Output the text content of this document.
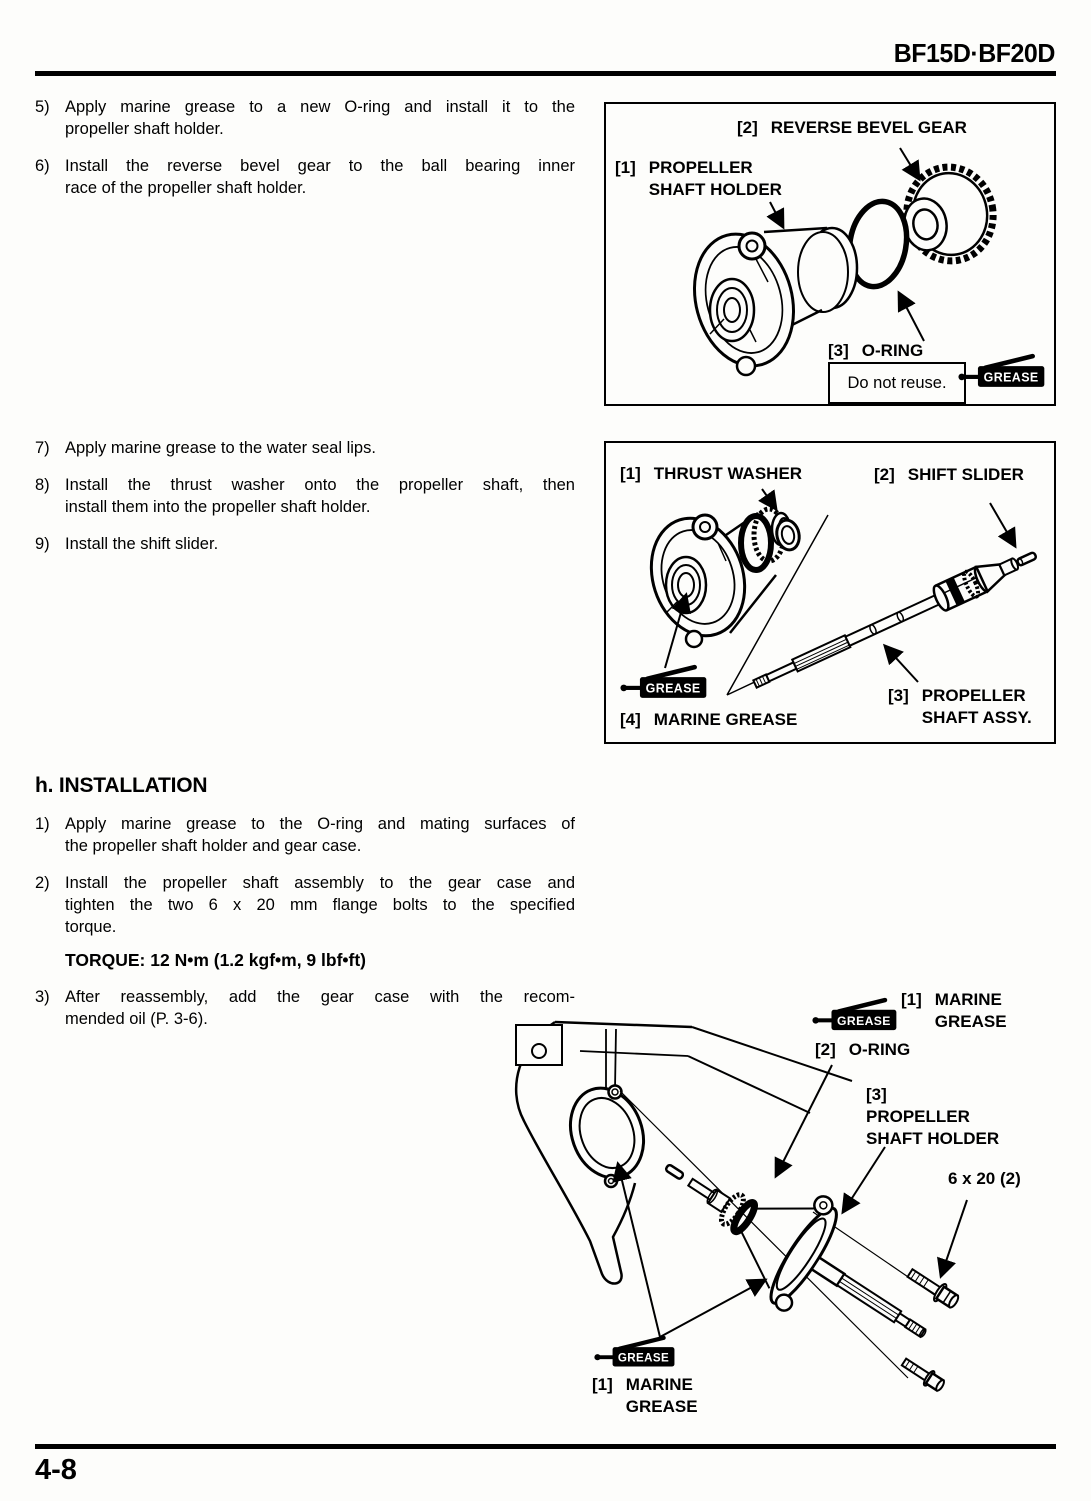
BF15D·BF20D
5) Apply marine grease to a new O-ring and install it to the
propeller shaft holder.
6) Install the reverse bevel gear to the ball bearing inner
race of the propeller shaft holder.
[2] REVERSE BEVEL GEAR
[1] PROPELLER
SHAFT HOLDER
[3] O-RING
Do not reuse. GREASE
7) Apply marine grease to the water seal lips.
8) Install the thrust washer onto the propeller shaft, then
install them into the propeller shaft holder.
9) Install the shift slider.
[1] THRUST WASHER	[2] SHIFT SLIDER
[3] PROPELLER
SHAFT ASSY.
GREASE
[4] MARINE GREASE
h. INSTALLATION
1) Apply marine grease to the O-ring and mating surfaces of
the propeller shaft holder and gear case.
2) Install the propeller shaft assembly to the gear case and
tighten the two 6 x 20 mm flange bolts to the specified
torque.
TORQUE: 12 N•m (1.2 kgf•m, 9 lbf•ft)
3) After reassembly, add the gear case with the recom-
mended oil (P. 3-6).	GREASE
[1] MARINE
GREASE
[2] O-RING
[3]
PROPELLER
SHAFT HOLDER
6 x 20 (2)
GREASE
[1] MARINE
GREASE
4-8
